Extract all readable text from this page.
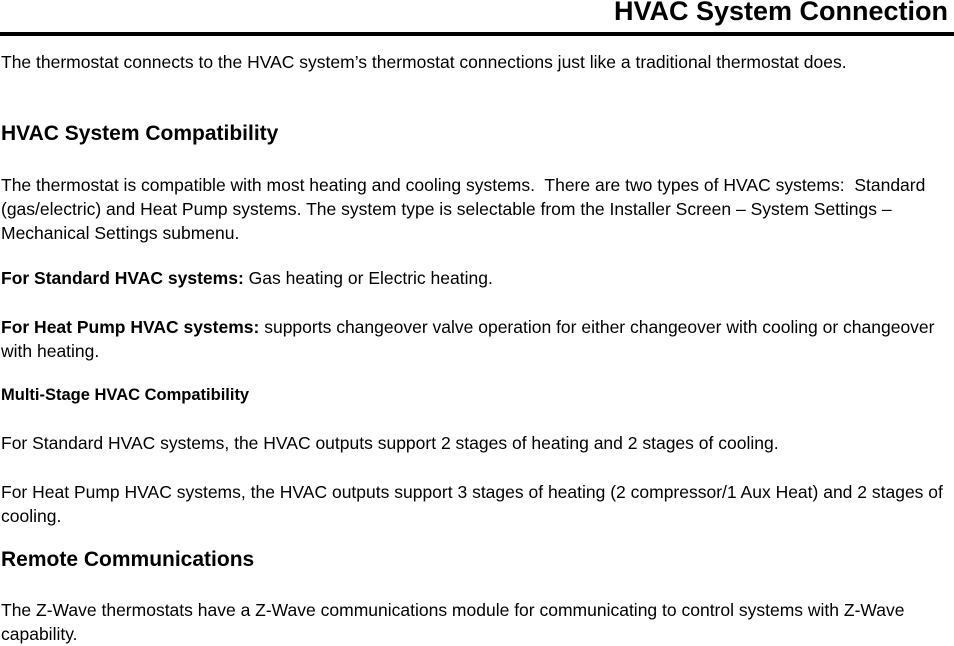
HVAC System Connection

The thermostat connects to the HVAC system’s thermostat connections just like a traditional thermostat does.

HVAC System Compatibility

The thermostat is compatible with most heating and cooling systems.  There are two types of HVAC systems:  Standard (gas/electric) and Heat Pump systems. The system type is selectable from the Installer Screen – System Settings – Mechanical Settings submenu.

For Standard HVAC systems: Gas heating or Electric heating.

For Heat Pump HVAC systems: supports changeover valve operation for either changeover with cooling or changeover with heating.

Multi-Stage HVAC Compatibility

For Standard HVAC systems, the HVAC outputs support 2 stages of heating and 2 stages of cooling.

For Heat Pump HVAC systems, the HVAC outputs support 3 stages of heating (2 compressor/1 Aux Heat) and 2 stages of cooling.

Remote Communications

The Z-Wave thermostats have a Z-Wave communications module for communicating to control systems with Z-Wave capability.
